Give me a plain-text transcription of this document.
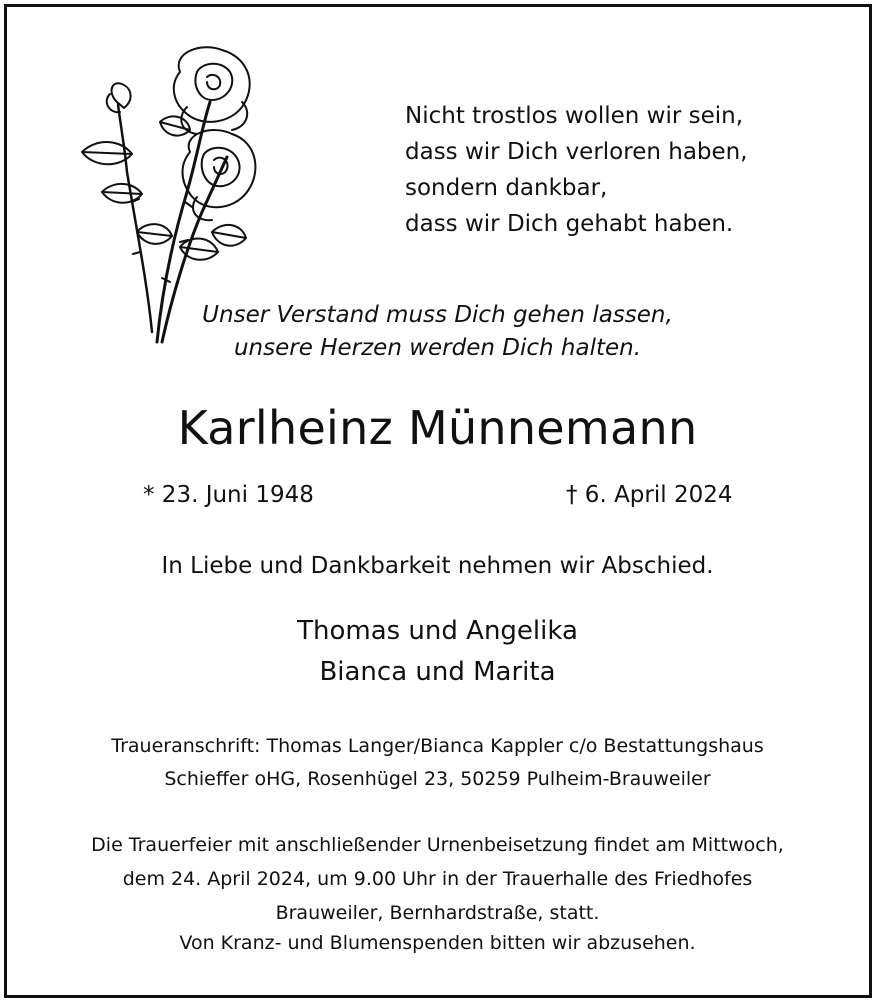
Nicht trostlos wollen wir sein,
dass wir Dich verloren haben,
sondern dankbar,
dass wir Dich gehabt haben.
Unser Verstand muss Dich gehen lassen,
unsere Herzen werden Dich halten.
Karlheinz Münnemann
* 23. Juni 1948	† 6. April 2024
In Liebe und Dankbarkeit nehmen wir Abschied.
Thomas und Angelika
Bianca und Marita
Traueranschrift: Thomas Langer/Bianca Kappler c/o Bestattungshaus
Schieffer oHG, Rosenhügel 23, 50259 Pulheim-Brauweiler
Die Trauerfeier mit anschließender Urnenbeisetzung findet am Mittwoch,
dem 24. April 2024, um 9.00 Uhr in der Trauerhalle des Friedhofes
Brauweiler, Bernhardstraße, statt.
Von Kranz- und Blumenspenden bitten wir abzusehen.
